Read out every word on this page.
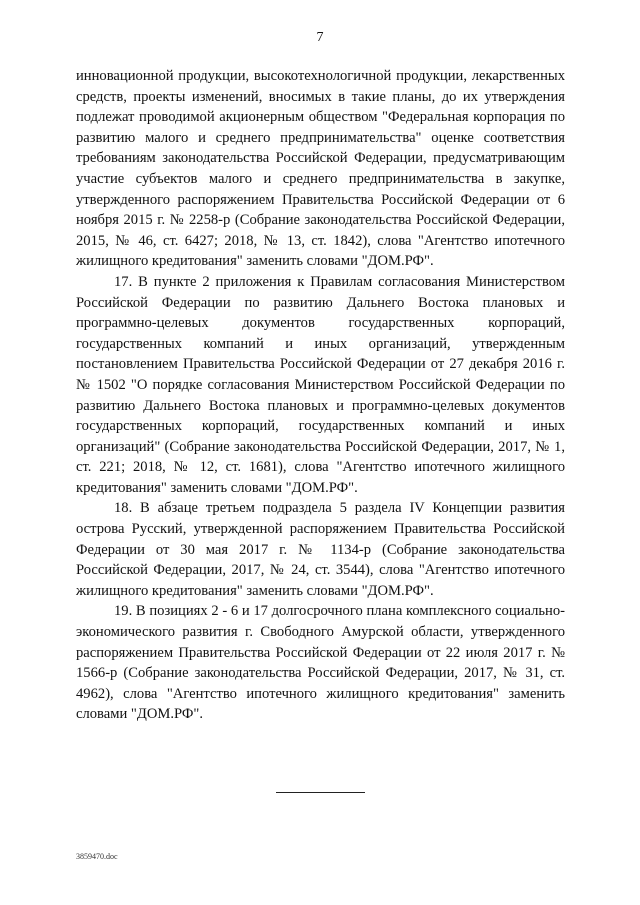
7

инновационной продукции, высокотехнологичной продукции, лекарственных средств, проекты изменений, вносимых в такие планы, до их утверждения подлежат проводимой акционерным обществом "Федеральная корпорация по развитию малого и среднего предпринимательства" оценке соответствия требованиям законодательства Российской Федерации, предусматривающим участие субъектов малого и среднего предпринимательства в закупке, утвержденного распоряжением Правительства Российской Федерации от 6 ноября 2015 г. № 2258-р (Собрание законодательства Российской Федерации, 2015, № 46, ст. 6427; 2018, № 13, ст. 1842), слова "Агентство ипотечного жилищного кредитования" заменить словами "ДОМ.РФ".

17. В пункте 2 приложения к Правилам согласования Министерством Российской Федерации по развитию Дальнего Востока плановых и программно-целевых документов государственных корпораций, государственных компаний и иных организаций, утвержденным постановлением Правительства Российской Федерации от 27 декабря 2016 г. № 1502 "О порядке согласования Министерством Российской Федерации по развитию Дальнего Востока плановых и программно-целевых документов государственных корпораций, государственных компаний и иных организаций" (Собрание законодательства Российской Федерации, 2017, № 1, ст. 221; 2018, № 12, ст. 1681), слова "Агентство ипотечного жилищного кредитования" заменить словами "ДОМ.РФ".

18. В абзаце третьем подраздела 5 раздела IV Концепции развития острова Русский, утвержденной распоряжением Правительства Российской Федерации от 30 мая 2017 г. № 1134-р (Собрание законодательства Российской Федерации, 2017, № 24, ст. 3544), слова "Агентство ипотечного жилищного кредитования" заменить словами "ДОМ.РФ".

19. В позициях 2 - 6 и 17 долгосрочного плана комплексного социально-экономического развития г. Свободного Амурской области, утвержденного распоряжением Правительства Российской Федерации от 22 июля 2017 г. № 1566-р (Собрание законодательства Российской Федерации, 2017, № 31, ст. 4962), слова "Агентство ипотечного жилищного кредитования" заменить словами "ДОМ.РФ".

3859470.doc
